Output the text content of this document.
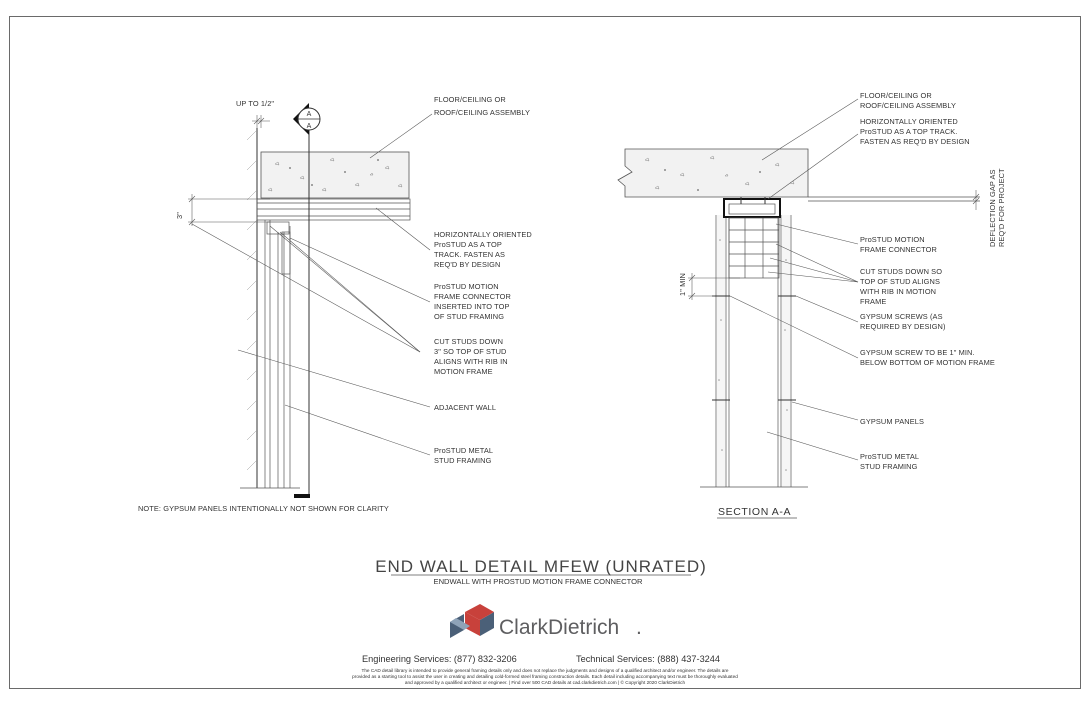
A
A
UP TO 1/2"
3"
FLOOR/CEILING OR ROOF/CEILING ASSEMBLY
HORIZONTALLY ORIENTED ProSTUD AS A TOP TRACK. FASTEN AS REQ'D BY DESIGN
ProSTUD MOTION FRAME CONNECTOR INSERTED INTO TOP OF STUD FRAMING
CUT STUDS DOWN 3" SO TOP OF STUD ALIGNS WITH RIB IN MOTION FRAME
ADJACENT WALL
ProSTUD METAL STUD FRAMING
NOTE: GYPSUM PANELS INTENTIONALLY NOT SHOWN FOR CLARITY
1" MIN
DEFLECTION GAP AS REQ'D FOR PROJECT
FLOOR/CEILING OR ROOF/CEILING ASSEMBLY
HORIZONTALLY ORIENTED ProSTUD AS A TOP TRACK. FASTEN AS REQ'D BY DESIGN
ProSTUD MOTION FRAME CONNECTOR
CUT STUDS DOWN SO TOP OF STUD ALIGNS WITH RIB IN MOTION FRAME
GYPSUM SCREWS (AS REQUIRED BY DESIGN)
GYPSUM SCREW TO BE 1" MIN. BELOW BOTTOM OF MOTION FRAME
GYPSUM PANELS
ProSTUD METAL STUD FRAMING
SECTION A-A
END WALL DETAIL MFEW (UNRATED)
ENDWALL WITH PROSTUD MOTION FRAME CONNECTOR
ClarkDietrich .
Engineering Services: (877) 832-3206	Technical Services: (888) 437-3244
The CAD detail library is intended to provide general framing details only and does not replace the judgments and designs of a qualified architect and/or engineer. The details are
provided as a starting tool to assist the user in creating and detailing cold-formed steel framing construction details. Each detail including accompanying text must be thoroughly evaluated
and approved by a qualified architect or engineer. | Find over 500 CAD details at cad.clarkdietrich.com | © Copyright 2020 ClarkDietrich
